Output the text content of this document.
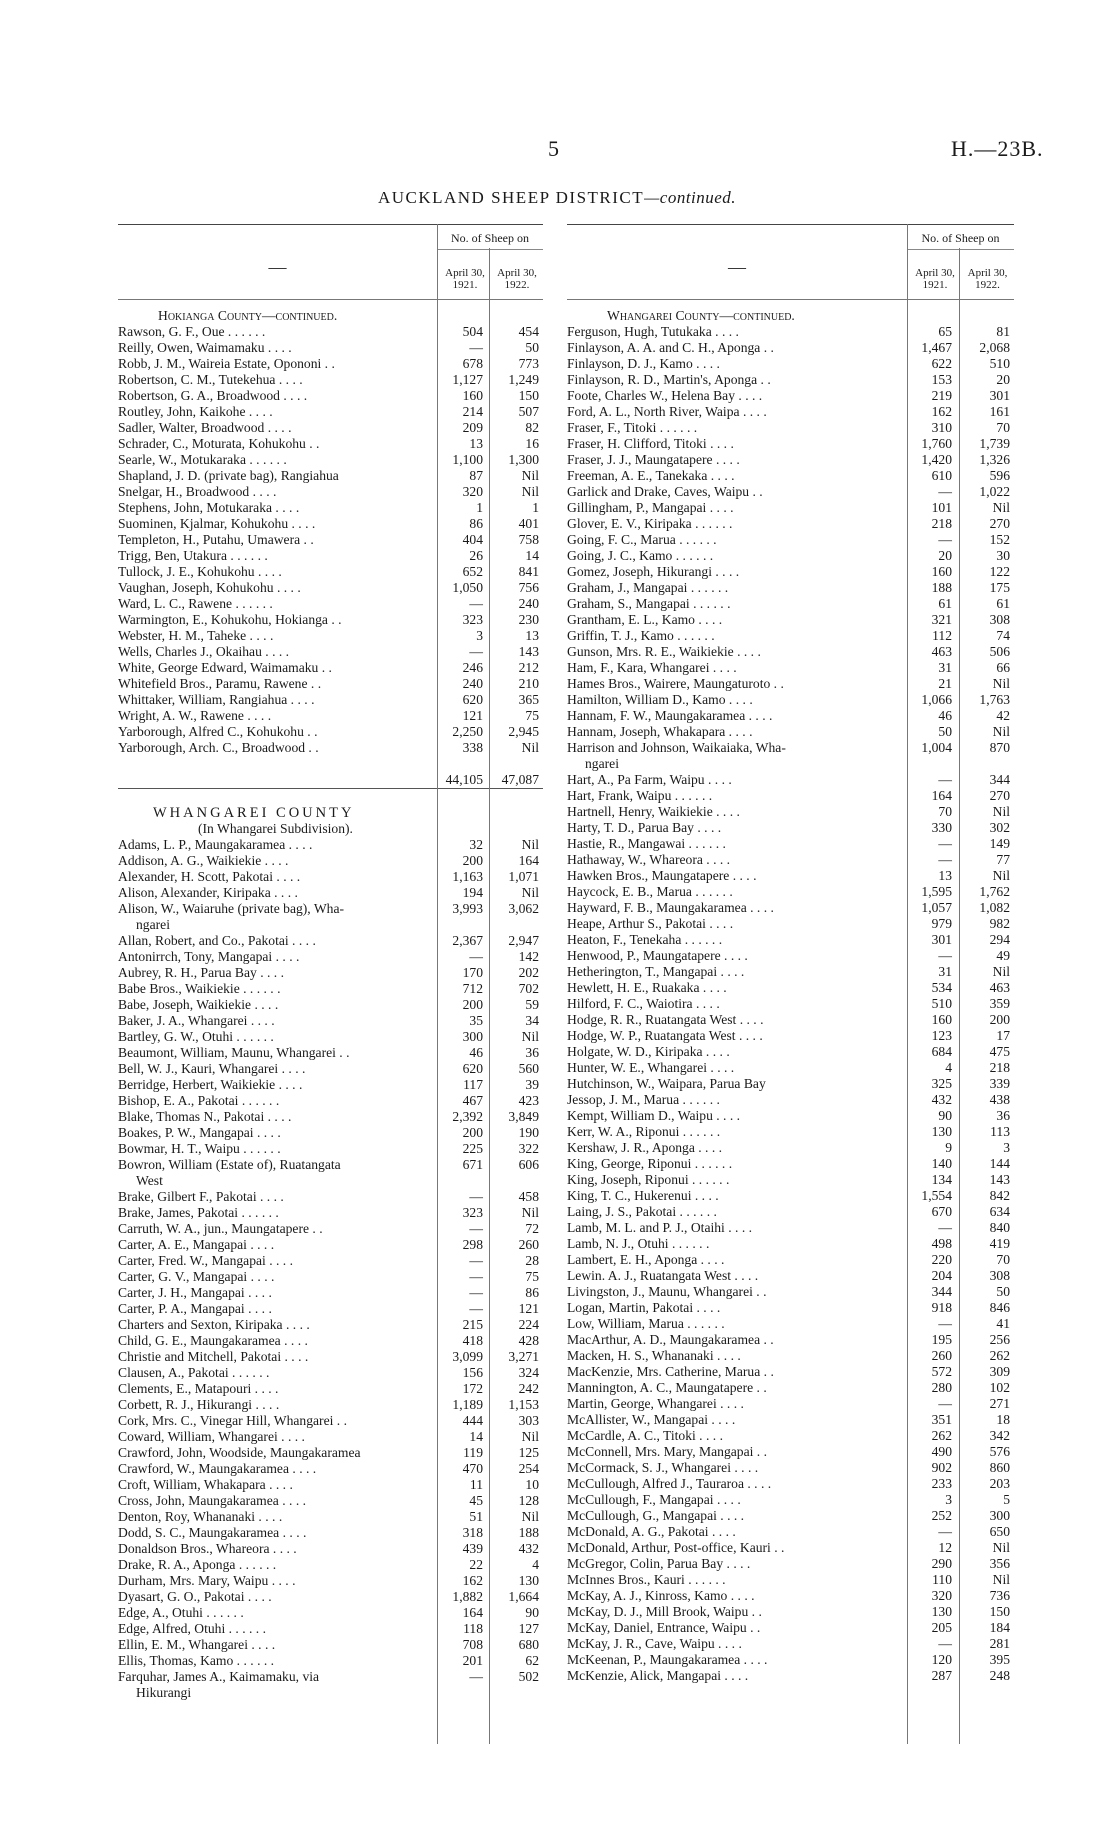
5	H.—23B.
AUCKLAND SHEEP DISTRICT—continued.
—
No. of Sheep on
April 30, 1921.
April 30, 1922.
Hokianga County—continued.
Rawson, G. F., Oue . . . . . .	504	454
Reilly, Owen, Waimamaku . . . .	—	50
Robb, J. M., Waireia Estate, Opononi . .	678	773
Robertson, C. M., Tutekehua . . . .	1,127	1,249
Robertson, G. A., Broadwood . . . .	160	150
Routley, John, Kaikohe . . . .	214	507
Sadler, Walter, Broadwood . . . .	209	82
Schrader, C., Moturata, Kohukohu . .	13	16
Searle, W., Motukaraka . . . . . .	1,100	1,300
Shapland, J. D. (private bag), Rangiahua	87	Nil
Snelgar, H., Broadwood . . . .	320	Nil
Stephens, John, Motukaraka . . . .	1	1
Suominen, Kjalmar, Kohukohu . . . .	86	401
Templeton, H., Putahu, Umawera . .	404	758
Trigg, Ben, Utakura . . . . . .	26	14
Tullock, J. E., Kohukohu . . . .	652	841
Vaughan, Joseph, Kohukohu . . . .	1,050	756
Ward, L. C., Rawene . . . . . .	—	240
Warmington, E., Kohukohu, Hokianga . .	323	230
Webster, H. M., Taheke . . . .	3	13
Wells, Charles J., Okaihau . . . .	—	143
White, George Edward, Waimamaku . .	246	212
Whitefield Bros., Paramu, Rawene . .	240	210
Whittaker, William, Rangiahua . . . .	620	365
Wright, A. W., Rawene . . . .	121	75
Yarborough, Alfred C., Kohukohu . .	2,250	2,945
Yarborough, Arch. C., Broadwood . .	338	Nil
44,105	47,087
WHANGAREI COUNTY
(In Whangarei Subdivision).
Adams, L. P., Maungakaramea . . . .	32	Nil
Addison, A. G., Waikiekie . . . .	200	164
Alexander, H. Scott, Pakotai . . . .	1,163	1,071
Alison, Alexander, Kiripaka . . . .	194	Nil
Alison, W., Waiaruhe (private bag), Wha-	3,993	3,062
ngarei
Allan, Robert, and Co., Pakotai . . . .	2,367	2,947
Antonirrch, Tony, Mangapai . . . .	—	142
Aubrey, R. H., Parua Bay . . . .	170	202
Babe Bros., Waikiekie . . . . . .	712	702
Babe, Joseph, Waikiekie . . . .	200	59
Baker, J. A., Whangarei . . . .	35	34
Bartley, G. W., Otuhi . . . . . .	300	Nil
Beaumont, William, Maunu, Whangarei . .	46	36
Bell, W. J., Kauri, Whangarei . . . .	620	560
Berridge, Herbert, Waikiekie . . . .	117	39
Bishop, E. A., Pakotai . . . . . .	467	423
Blake, Thomas N., Pakotai . . . .	2,392	3,849
Boakes, P. W., Mangapai . . . .	200	190
Bowmar, H. T., Waipu . . . . . .	225	322
Bowron, William (Estate of), Ruatangata	671	606
West
Brake, Gilbert F., Pakotai . . . .	—	458
Brake, James, Pakotai . . . . . .	323	Nil
Carruth, W. A., jun., Maungatapere . .	—	72
Carter, A. E., Mangapai . . . .	298	260
Carter, Fred. W., Mangapai . . . .	—	28
Carter, G. V., Mangapai . . . .	—	75
Carter, J. H., Mangapai . . . .	—	86
Carter, P. A., Mangapai . . . .	—	121
Charters and Sexton, Kiripaka . . . .	215	224
Child, G. E., Maungakaramea . . . .	418	428
Christie and Mitchell, Pakotai . . . .	3,099	3,271
Clausen, A., Pakotai . . . . . .	156	324
Clements, E., Matapouri . . . .	172	242
Corbett, R. J., Hikurangi . . . .	1,189	1,153
Cork, Mrs. C., Vinegar Hill, Whangarei . .	444	303
Coward, William, Whangarei . . . .	14	Nil
Crawford, John, Woodside, Maungakaramea	119	125
Crawford, W., Maungakaramea . . . .	470	254
Croft, William, Whakapara . . . .	11	10
Cross, John, Maungakaramea . . . .	45	128
Denton, Roy, Whananaki . . . .	51	Nil
Dodd, S. C., Maungakaramea . . . .	318	188
Donaldson Bros., Whareora . . . .	439	432
Drake, R. A., Aponga . . . . . .	22	4
Durham, Mrs. Mary, Waipu . . . .	162	130
Dyasart, G. O., Pakotai . . . .	1,882	1,664
Edge, A., Otuhi . . . . . .	164	90
Edge, Alfred, Otuhi . . . . . .	118	127
Ellin, E. M., Whangarei . . . .	708	680
Ellis, Thomas, Kamo . . . . . .	201	62
Farquhar, James A., Kaimamaku, via	—	502
Hikurangi
—
No. of Sheep on
April 30, 1921.
April 30, 1922.
Whangarei County—continued.
Ferguson, Hugh, Tutukaka . . . .	65	81
Finlayson, A. A. and C. H., Aponga . .	1,467	2,068
Finlayson, D. J., Kamo . . . .	622	510
Finlayson, R. D., Martin's, Aponga . .	153	20
Foote, Charles W., Helena Bay . . . .	219	301
Ford, A. L., North River, Waipa . . . .	162	161
Fraser, F., Titoki . . . . . .	310	70
Fraser, H. Clifford, Titoki . . . .	1,760	1,739
Fraser, J. J., Maungatapere . . . .	1,420	1,326
Freeman, A. E., Tanekaka . . . .	610	596
Garlick and Drake, Caves, Waipu . .	—	1,022
Gillingham, P., Mangapai . . . .	101	Nil
Glover, E. V., Kiripaka . . . . . .	218	270
Going, F. C., Marua . . . . . .	—	152
Going, J. C., Kamo . . . . . .	20	30
Gomez, Joseph, Hikurangi . . . .	160	122
Graham, J., Mangapai . . . . . .	188	175
Graham, S., Mangapai . . . . . .	61	61
Grantham, E. L., Kamo . . . .	321	308
Griffin, T. J., Kamo . . . . . .	112	74
Gunson, Mrs. R. E., Waikiekie . . . .	463	506
Ham, F., Kara, Whangarei . . . .	31	66
Hames Bros., Wairere, Maungaturoto . .	21	Nil
Hamilton, William D., Kamo . . . .	1,066	1,763
Hannam, F. W., Maungakaramea . . . .	46	42
Hannam, Joseph, Whakapara . . . .	50	Nil
Harrison and Johnson, Waikaiaka, Wha-	1,004	870
ngarei
Hart, A., Pa Farm, Waipu . . . .	—	344
Hart, Frank, Waipu . . . . . .	164	270
Hartnell, Henry, Waikiekie . . . .	70	Nil
Harty, T. D., Parua Bay . . . .	330	302
Hastie, R., Mangawai . . . . . .	—	149
Hathaway, W., Whareora . . . .	—	77
Hawken Bros., Maungatapere . . . .	13	Nil
Haycock, E. B., Marua . . . . . .	1,595	1,762
Hayward, F. B., Maungakaramea . . . .	1,057	1,082
Heape, Arthur S., Pakotai . . . .	979	982
Heaton, F., Tenekaha . . . . . .	301	294
Henwood, P., Maungatapere . . . .	—	49
Hetherington, T., Mangapai . . . .	31	Nil
Hewlett, H. E., Ruakaka . . . .	534	463
Hilford, F. C., Waiotira . . . .	510	359
Hodge, R. R., Ruatangata West . . . .	160	200
Hodge, W. P., Ruatangata West . . . .	123	17
Holgate, W. D., Kiripaka . . . .	684	475
Hunter, W. E., Whangarei . . . .	4	218
Hutchinson, W., Waipara, Parua Bay	325	339
Jessop, J. M., Marua . . . . . .	432	438
Kempt, William D., Waipu . . . .	90	36
Kerr, W. A., Riponui . . . . . .	130	113
Kershaw, J. R., Aponga . . . .	9	3
King, George, Riponui . . . . . .	140	144
King, Joseph, Riponui . . . . . .	134	143
King, T. C., Hukerenui . . . .	1,554	842
Laing, J. S., Pakotai . . . . . .	670	634
Lamb, M. L. and P. J., Otaihi . . . .	—	840
Lamb, N. J., Otuhi . . . . . .	498	419
Lambert, E. H., Aponga . . . .	220	70
Lewin. A. J., Ruatangata West . . . .	204	308
Livingston, J., Maunu, Whangarei . .	344	50
Logan, Martin, Pakotai . . . .	918	846
Low, William, Marua . . . . . .	—	41
MacArthur, A. D., Maungakaramea . .	195	256
Macken, H. S., Whananaki . . . .	260	262
MacKenzie, Mrs. Catherine, Marua . .	572	309
Mannington, A. C., Maungatapere . .	280	102
Martin, George, Whangarei . . . .	—	271
McAllister, W., Mangapai . . . .	351	18
McCardle, A. C., Titoki . . . .	262	342
McConnell, Mrs. Mary, Mangapai . .	490	576
McCormack, S. J., Whangarei . . . .	902	860
McCullough, Alfred J., Tauraroa . . . .	233	203
McCullough, F., Mangapai . . . .	3	5
McCullough, G., Mangapai . . . .	252	300
McDonald, A. G., Pakotai . . . .	—	650
McDonald, Arthur, Post-office, Kauri . .	12	Nil
McGregor, Colin, Parua Bay . . . .	290	356
McInnes Bros., Kauri . . . . . .	110	Nil
McKay, A. J., Kinross, Kamo . . . .	320	736
McKay, D. J., Mill Brook, Waipu . .	130	150
McKay, Daniel, Entrance, Waipu . .	205	184
McKay, J. R., Cave, Waipu . . . .	—	281
McKeenan, P., Maungakaramea . . . .	120	395
McKenzie, Alick, Mangapai . . . .	287	248
